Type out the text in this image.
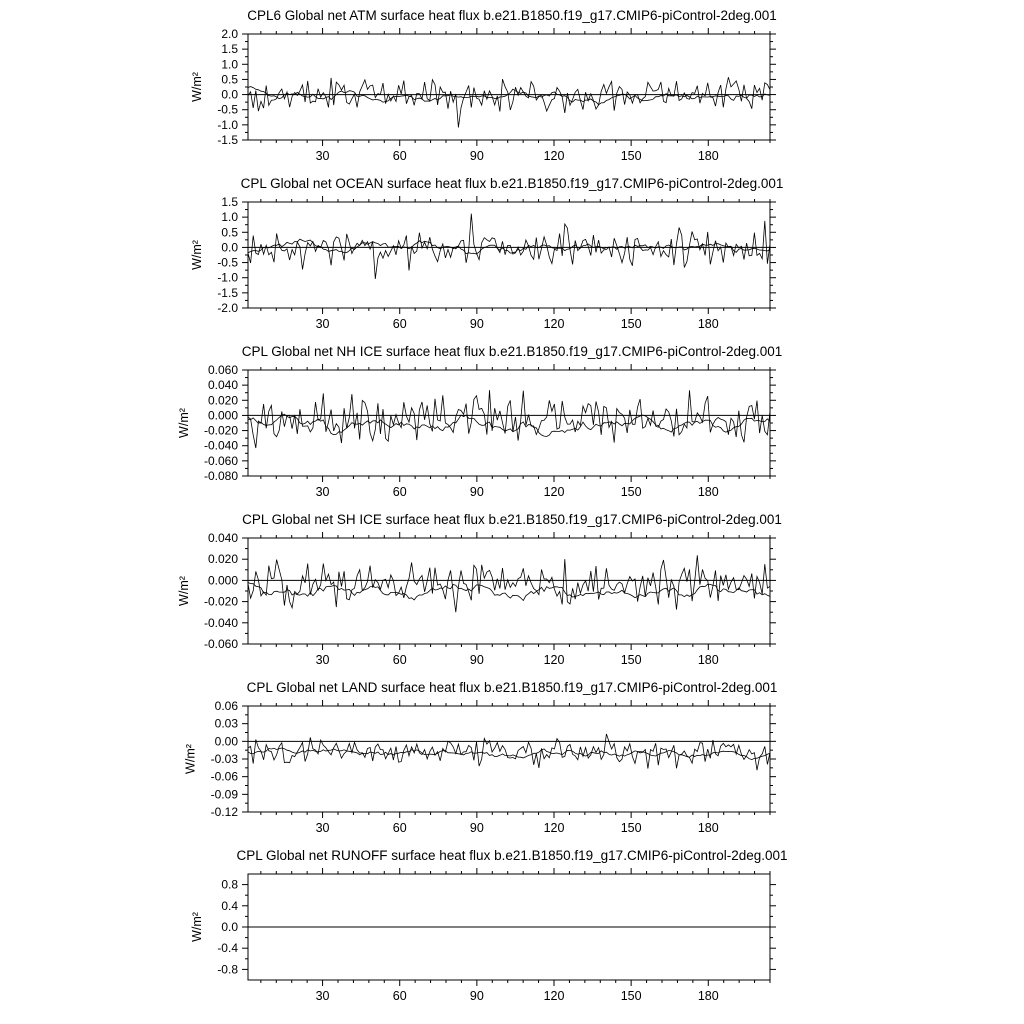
CPL6 Global net ATM surface heat flux b.e21.B1850.f19_g17.CMIP6-piControl-2deg.001
2.0
1.5
1.0
0.5
0.0
-0.5
-1.0
-1.5
30	60	90	120	150	180
W/m²
CPL Global net OCEAN surface heat flux b.e21.B1850.f19_g17.CMIP6-piControl-2deg.001
1.5
1.0
0.5
0.0
-0.5
-1.0
-1.5
-2.0
30	60	90	120	150	180
W/m²
CPL Global net NH ICE surface heat flux b.e21.B1850.f19_g17.CMIP6-piControl-2deg.001
0.060
0.040
0.020
0.000
-0.020
-0.040
-0.060
-0.080
30	60	90	120	150	180
W/m²
CPL Global net SH ICE surface heat flux b.e21.B1850.f19_g17.CMIP6-piControl-2deg.001
0.040
0.020
0.000
-0.020
-0.040
-0.060
30	60	90	120	150	180
W/m²
CPL Global net LAND surface heat flux b.e21.B1850.f19_g17.CMIP6-piControl-2deg.001
0.06
0.03
0.00
-0.03
-0.06
-0.09
-0.12
30	60	90	120	150	180
W/m²
CPL Global net RUNOFF surface heat flux b.e21.B1850.f19_g17.CMIP6-piControl-2deg.001
0.8
0.4
0.0
-0.4
-0.8
30	60	90	120	150	180
W/m²
